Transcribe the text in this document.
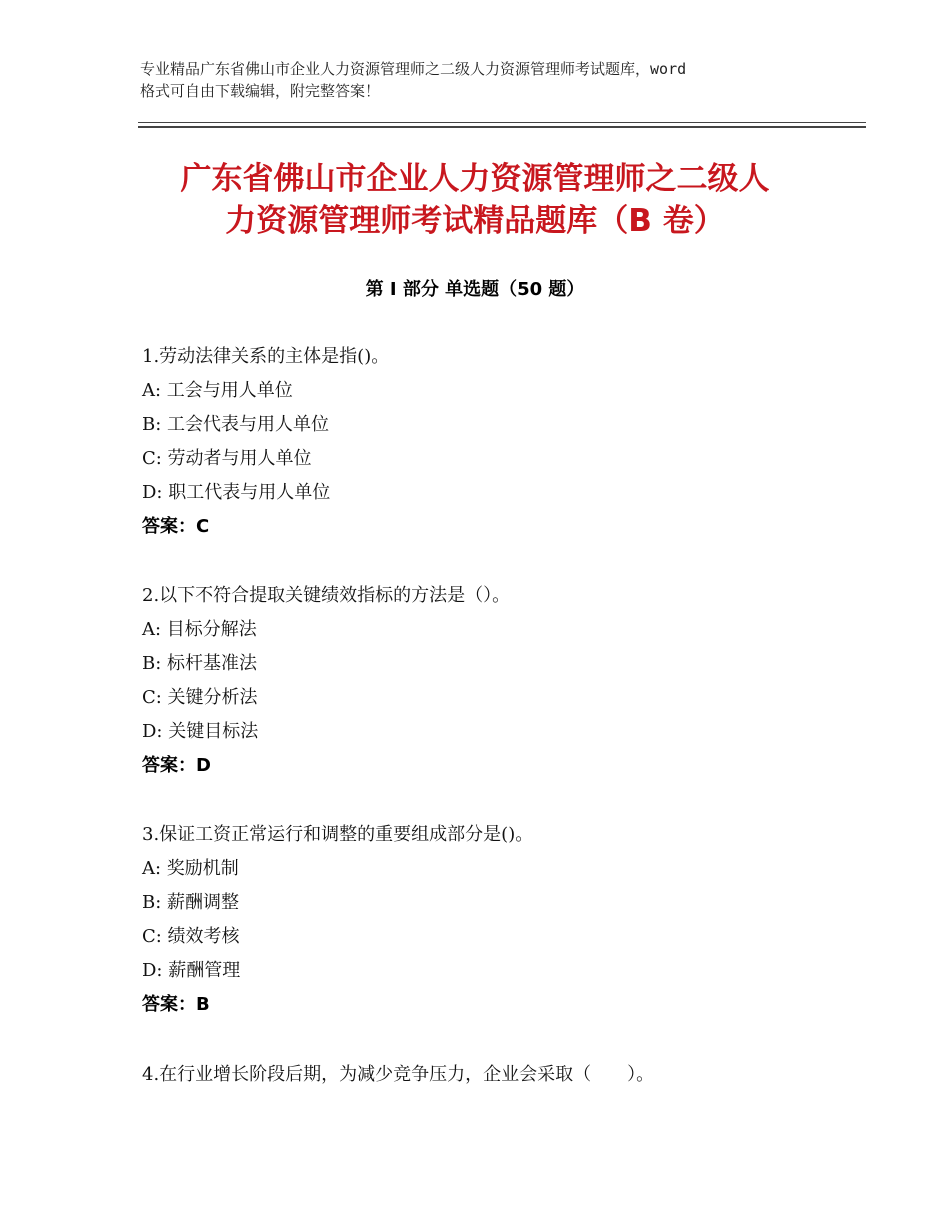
专业精品广东省佛山市企业人力资源管理师之二级人力资源管理师考试题库，word
格式可自由下载编辑，附完整答案！
广东省佛山市企业人力资源管理师之二级人
力资源管理师考试精品题库（B 卷）
第 I 部分 单选题（50 题）
1.劳动法律关系的主体是指()。
A: 工会与用人单位
B: 工会代表与用人单位
C: 劳动者与用人单位
D: 职工代表与用人单位
答案：C
2.以下不符合提取关键绩效指标的方法是（）。
A: 目标分解法
B: 标杆基准法
C: 关键分析法
D: 关键目标法
答案：D
3.保证工资正常运行和调整的重要组成部分是()。
A: 奖励机制
B: 薪酬调整
C: 绩效考核
D: 薪酬管理
答案：B
4.在行业增长阶段后期，为减少竞争压力，企业会采取（　　）。
